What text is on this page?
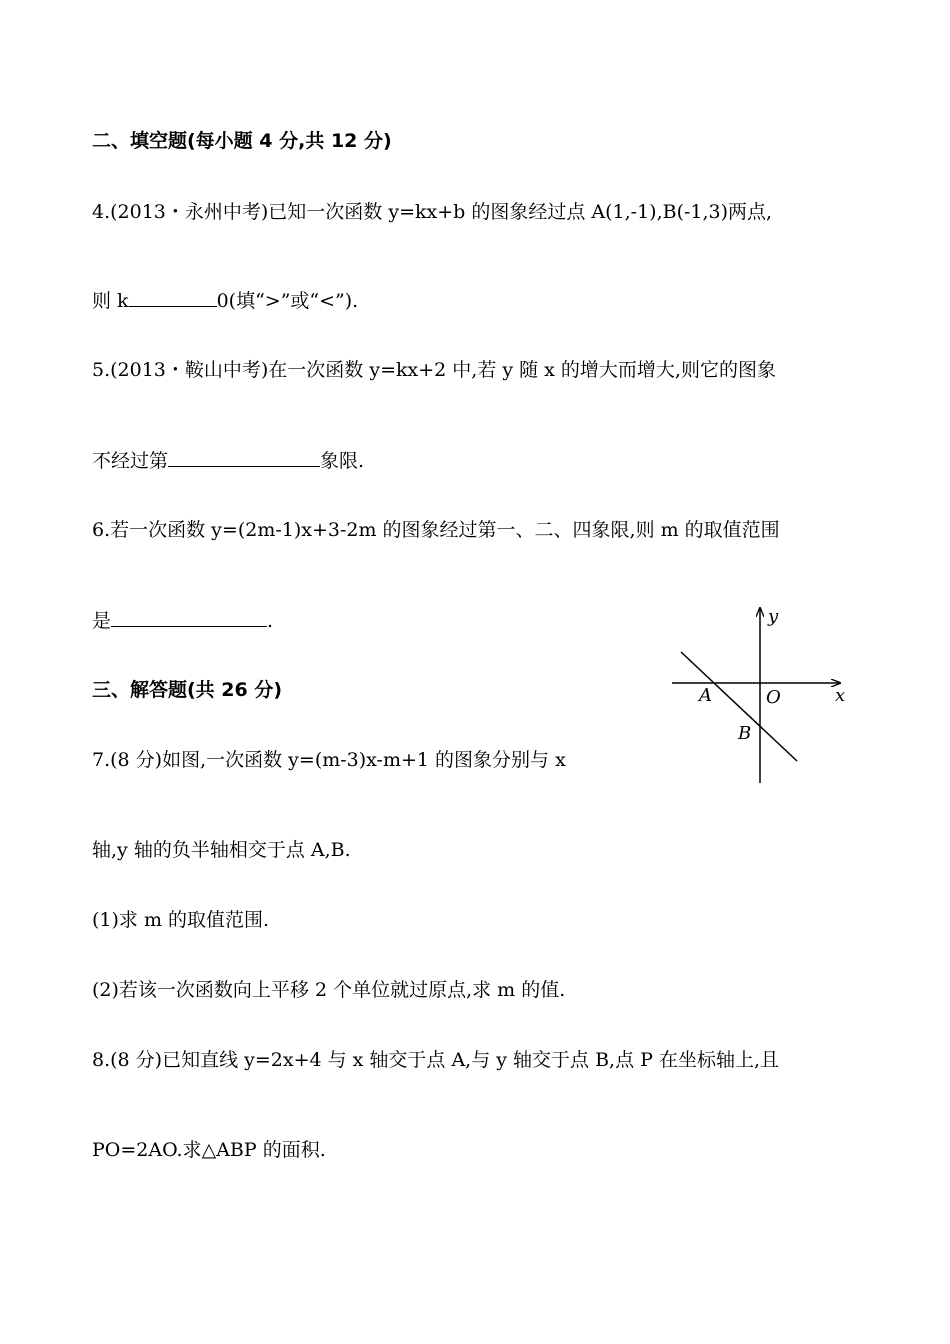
二、填空题(每小题 4 分,共 12 分)
4.(2013・永州中考)已知一次函数 y=kx+b 的图象经过点 A(1,-1),B(-1,3)两点,
则 k	0(填“>”或“<”).
5.(2013・鞍山中考)在一次函数 y=kx+2 中,若 y 随 x 的增大而增大,则它的图象
不经过第	象限.
6.若一次函数 y=(2m-1)x+3-2m 的图象经过第一、二、四象限,则 m 的取值范围
是	.
三、解答题(共 26 分)
7.(8 分)如图,一次函数 y=(m-3)x-m+1 的图象分别与 x
轴,y 轴的负半轴相交于点 A,B.
(1)求 m 的取值范围.
(2)若该一次函数向上平移 2 个单位就过原点,求 m 的值.
8.(8 分)已知直线 y=2x+4 与 x 轴交于点 A,与 y 轴交于点 B,点 P 在坐标轴上,且
PO=2AO.求△ABP 的面积.
y
x
A	O
B
